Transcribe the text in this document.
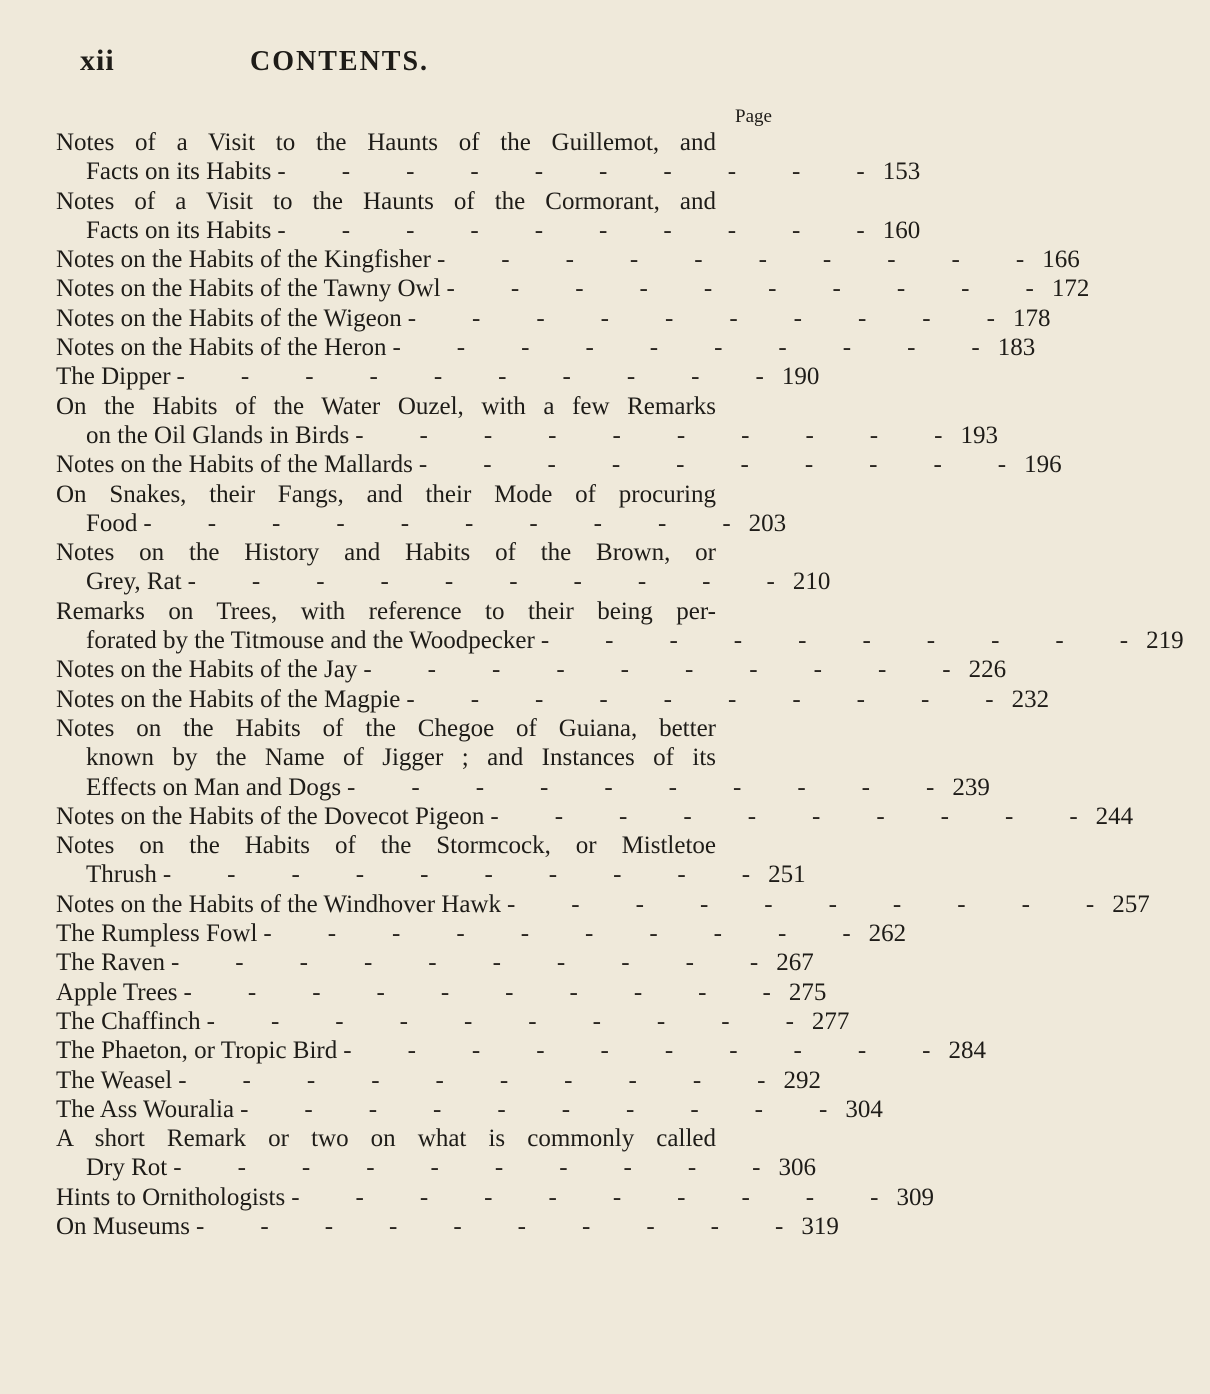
xii	CONTENTS.
Page
Notes of a Visit to the Haunts of the Guillemot, and
Facts on its Habits -  -  -  -  -  -  -  -  -  - 153
Notes of a Visit to the Haunts of the Cormorant, and
Facts on its Habits -  -  -  -  -  -  -  -  -  - 160
Notes on the Habits of the Kingfisher -  -  -  -  -  -  -  -  -  - 166
Notes on the Habits of the Tawny Owl -  -  -  -  -  -  -  -  -  - 172
Notes on the Habits of the Wigeon -  -  -  -  -  -  -  -  -  - 178
Notes on the Habits of the Heron -  -  -  -  -  -  -  -  -  - 183
The Dipper -  -  -  -  -  -  -  -  -  - 190
On the Habits of the Water Ouzel, with a few Remarks
on the Oil Glands in Birds -  -  -  -  -  -  -  -  -  - 193
Notes on the Habits of the Mallards -  -  -  -  -  -  -  -  -  - 196
On Snakes, their Fangs, and their Mode of procuring
Food -  -  -  -  -  -  -  -  -  - 203
Notes on the History and Habits of the Brown, or
Grey, Rat -  -  -  -  -  -  -  -  -  - 210
Remarks on Trees, with reference to their being per-
forated by the Titmouse and the Woodpecker -  -  -  -  -  -  -  -  -  - 219
Notes on the Habits of the Jay -  -  -  -  -  -  -  -  -  - 226
Notes on the Habits of the Magpie -  -  -  -  -  -  -  -  -  - 232
Notes on the Habits of the Chegoe of Guiana, better
known by the Name of Jigger ; and Instances of its
Effects on Man and Dogs -  -  -  -  -  -  -  -  -  - 239
Notes on the Habits of the Dovecot Pigeon -  -  -  -  -  -  -  -  -  - 244
Notes on the Habits of the Stormcock, or Mistletoe
Thrush -  -  -  -  -  -  -  -  -  - 251
Notes on the Habits of the Windhover Hawk -  -  -  -  -  -  -  -  -  - 257
The Rumpless Fowl -  -  -  -  -  -  -  -  -  - 262
The Raven -  -  -  -  -  -  -  -  -  - 267
Apple Trees -  -  -  -  -  -  -  -  -  - 275
The Chaffinch -  -  -  -  -  -  -  -  -  - 277
The Phaeton, or Tropic Bird -  -  -  -  -  -  -  -  -  - 284
The Weasel -  -  -  -  -  -  -  -  -  - 292
The Ass Wouralia -  -  -  -  -  -  -  -  -  - 304
A short Remark or two on what is commonly called
Dry Rot -  -  -  -  -  -  -  -  -  - 306
Hints to Ornithologists -  -  -  -  -  -  -  -  -  - 309
On Museums -  -  -  -  -  -  -  -  -  - 319
